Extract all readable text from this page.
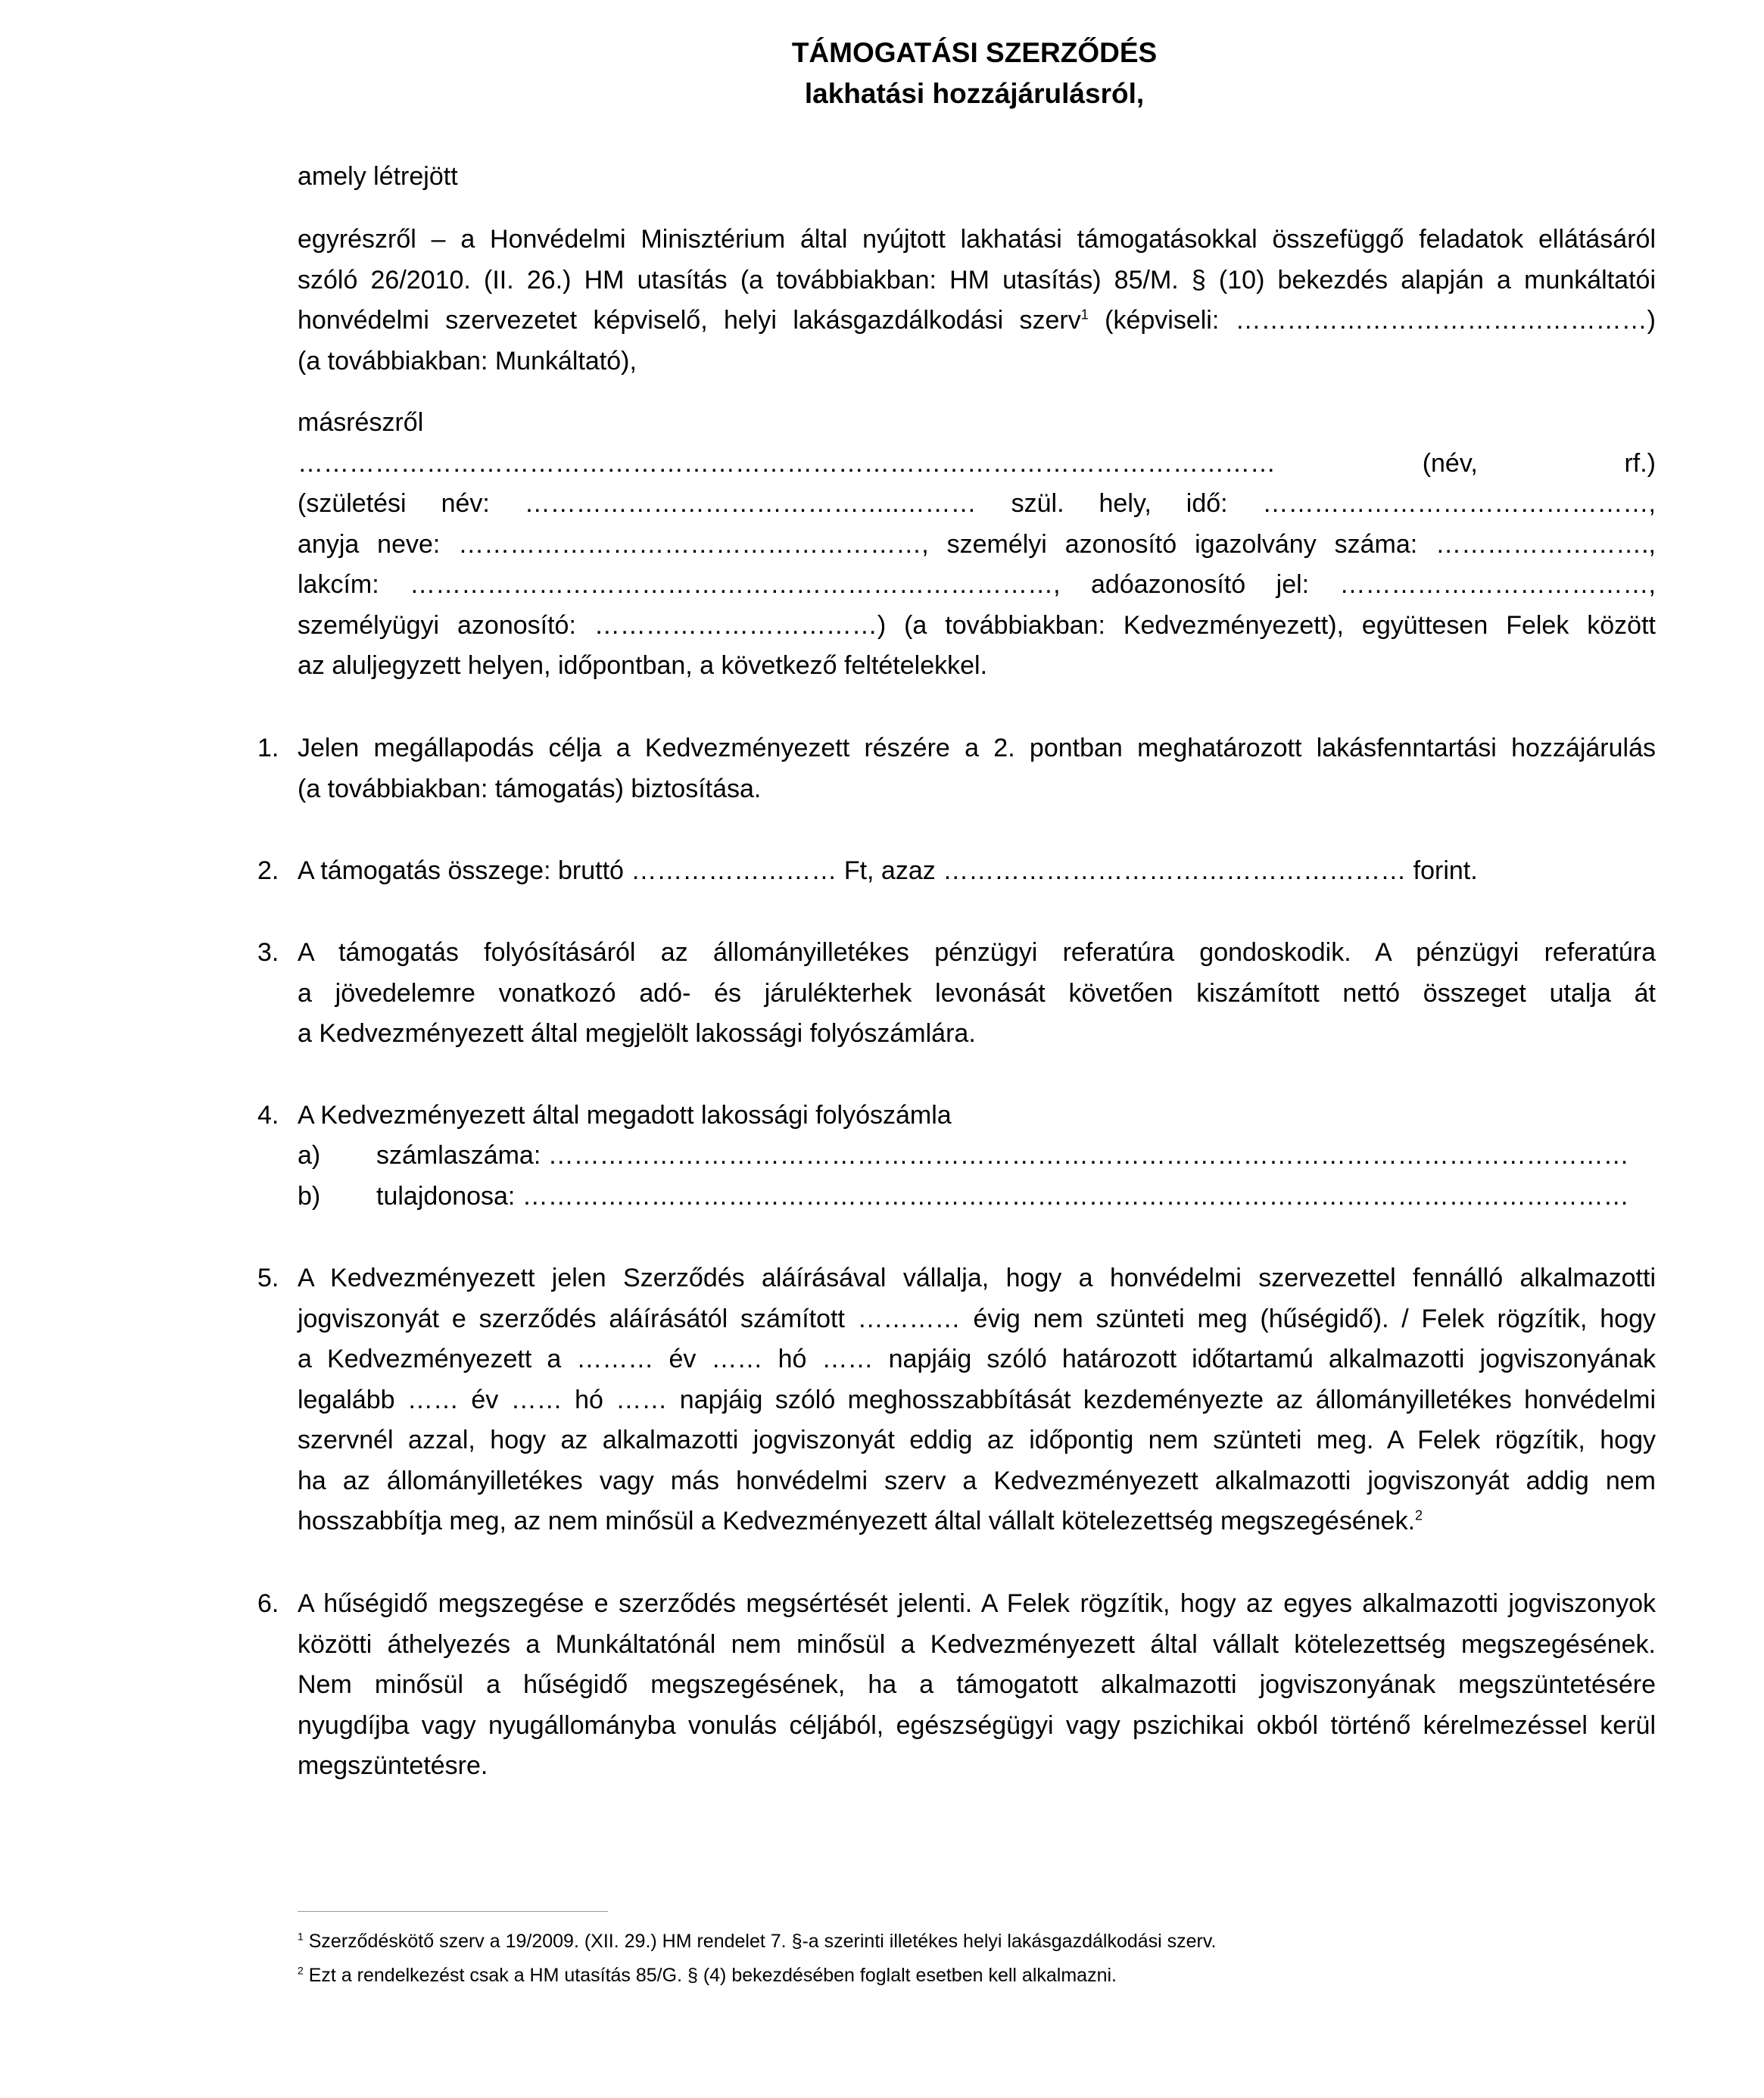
TÁMOGATÁSI SZERZŐDÉS
lakhatási hozzájárulásról,
amely létrejött
egyrészről – a Honvédelmi Minisztérium által nyújtott lakhatási támogatásokkal összefüggő feladatok ellátásáról
szóló 26/2010. (II. 26.) HM utasítás (a továbbiakban: HM utasítás) 85/M. § (10) bekezdés alapján a munkáltatói
honvédelmi szervezetet képviselő, helyi lakásgazdálkodási szerv$^1$ (képviseli: …………………………………………)
(a továbbiakban: Munkáltató),
másrészről
…………………………………………………………………………………………………… (név, rf.)
(születési név: ……………………………………..……… szül. hely, idő: ………………………………………,
anyja neve: ………………………………………………, személyi azonosító igazolvány száma: …………………….,
lakcím: …………………………………………………………………, adóazonosító jel: ………………………………,
személyügyi azonosító: ……………………………) (a továbbiakban: Kedvezményezett), együttesen Felek között
az aluljegyzett helyen, időpontban, a következő feltételekkel.
1. Jelen megállapodás célja a Kedvezményezett részére a 2. pontban meghatározott lakásfenntartási hozzájárulás
(a továbbiakban: támogatás) biztosítása.
2. A támogatás összege: bruttó …………………… Ft, azaz ……………………………………………… forint.
3. A támogatás folyósításáról az állományilletékes pénzügyi referatúra gondoskodik. A pénzügyi referatúra
a jövedelemre vonatkozó adó- és járulékterhek levonását követően kiszámított nettó összeget utalja át
a Kedvezményezett által megjelölt lakossági folyószámlára.
4. A Kedvezményezett által megadott lakossági folyószámla
a) számlaszáma: ………………………………………………………………………………………………………………
b) tulajdonosa: …………………………………………………………………………………………………………………
5. A Kedvezményezett jelen Szerződés aláírásával vállalja, hogy a honvédelmi szervezettel fennálló alkalmazotti
jogviszonyát e szerződés aláírásától számított ………… évig nem szünteti meg (hűségidő). / Felek rögzítik, hogy
a Kedvezményezett a ……… év …… hó …… napjáig szóló határozott időtartamú alkalmazotti jogviszonyának
legalább …… év …… hó …… napjáig szóló meghosszabbítását kezdeményezte az állományilletékes honvédelmi
szervnél azzal, hogy az alkalmazotti jogviszonyát eddig az időpontig nem szünteti meg. A Felek rögzítik, hogy
ha az állományilletékes vagy más honvédelmi szerv a Kedvezményezett alkalmazotti jogviszonyát addig nem
hosszabbítja meg, az nem minősül a Kedvezményezett által vállalt kötelezettség megszegésének.$^2$
6. A hűségidő megszegése e szerződés megsértését jelenti. A Felek rögzítik, hogy az egyes alkalmazotti jogviszonyok
közötti áthelyezés a Munkáltatónál nem minősül a Kedvezményezett által vállalt kötelezettség megszegésének.
Nem minősül a hűségidő megszegésének, ha a támogatott alkalmazotti jogviszonyának megszüntetésére
nyugdíjba vagy nyugállományba vonulás céljából, egészségügyi vagy pszichikai okból történő kérelmezéssel kerül
megszüntetésre.
$^1$ Szerződéskötő szerv a 19/2009. (XII. 29.) HM rendelet 7. §-a szerinti illetékes helyi lakásgazdálkodási szerv.
$^2$ Ezt a rendelkezést csak a HM utasítás 85/G. § (4) bekezdésében foglalt esetben kell alkalmazni.
